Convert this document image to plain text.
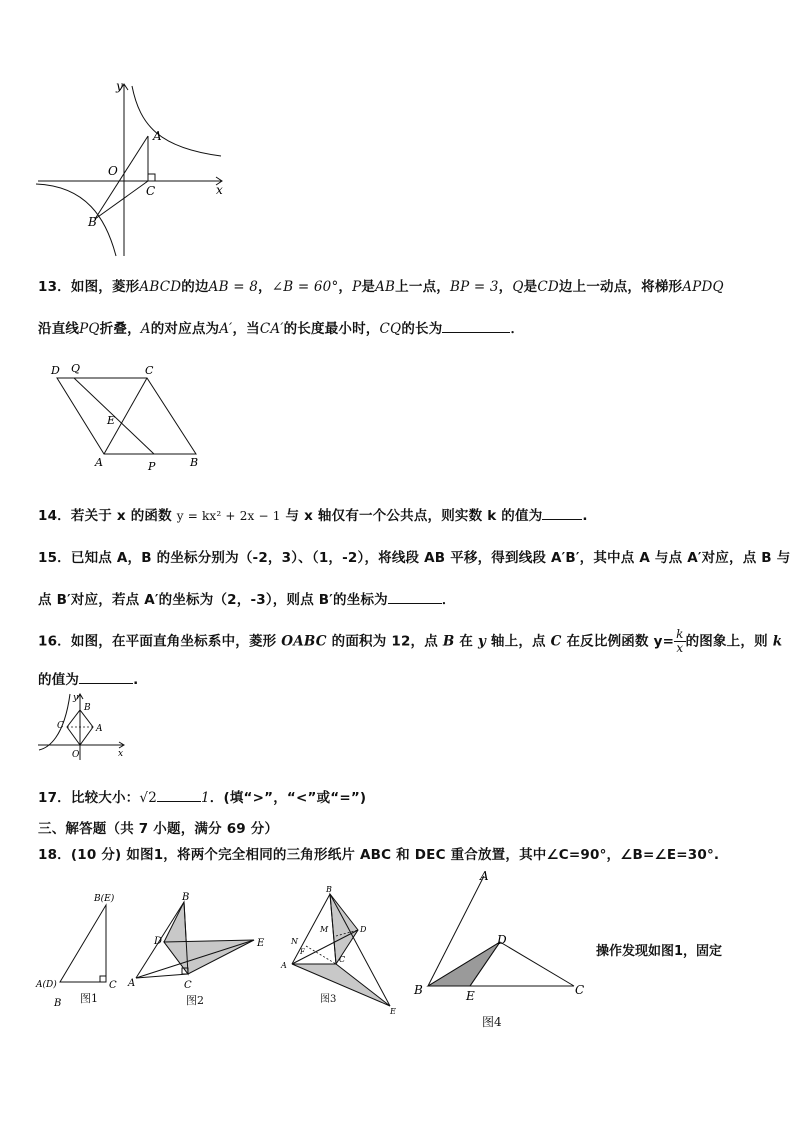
y
x
O
A
B
C
13．如图，菱形ABCD的边AB = 8，∠B = 60°，P是AB上一点，BP = 3，Q是CD边上一动点，将梯形APDQ
沿直线PQ折叠，A的对应点为A′，当CA′的长度最小时，CQ的长为	．
D Q	C
E
A	P	B
14．若关于 x 的函数 y = kx² + 2x − 1 与 x 轴仅有一个公共点，则实数 k 的值为	.
15．已知点 A，B 的坐标分别为（-2，3）、（1，-2），将线段 AB 平移，得到线段 A′B′，其中点 A 与点 A′对应，点 B 与
点 B′对应，若点 A′的坐标为（2，-3），则点 B′的坐标为	．
16．如图，在平面直角坐标系中，菱形 OABC 的面积为 12，点 B 在 y 轴上，点 C 在反比例函数 $y= \frac{k}{x}$ 的图象上，则 k
的值为	.
y
x
O
A
B
C
17．比较大小：√2	1．(填“>”，“<”或“=”)
三、解答题（共 7 小题，满分 69 分）
18．(10 分) 如图1，将两个完全相同的三角形纸片 ABC 和 DEC 重合放置，其中∠C=90°，∠B=∠E=30°.
B(E)
A(D)	C
B 图1
B
D	E
A	C
图2
B
M	D
N
F
A
C
E
图3
A
D
B	E	C
图4
操作发现如图1，固定
